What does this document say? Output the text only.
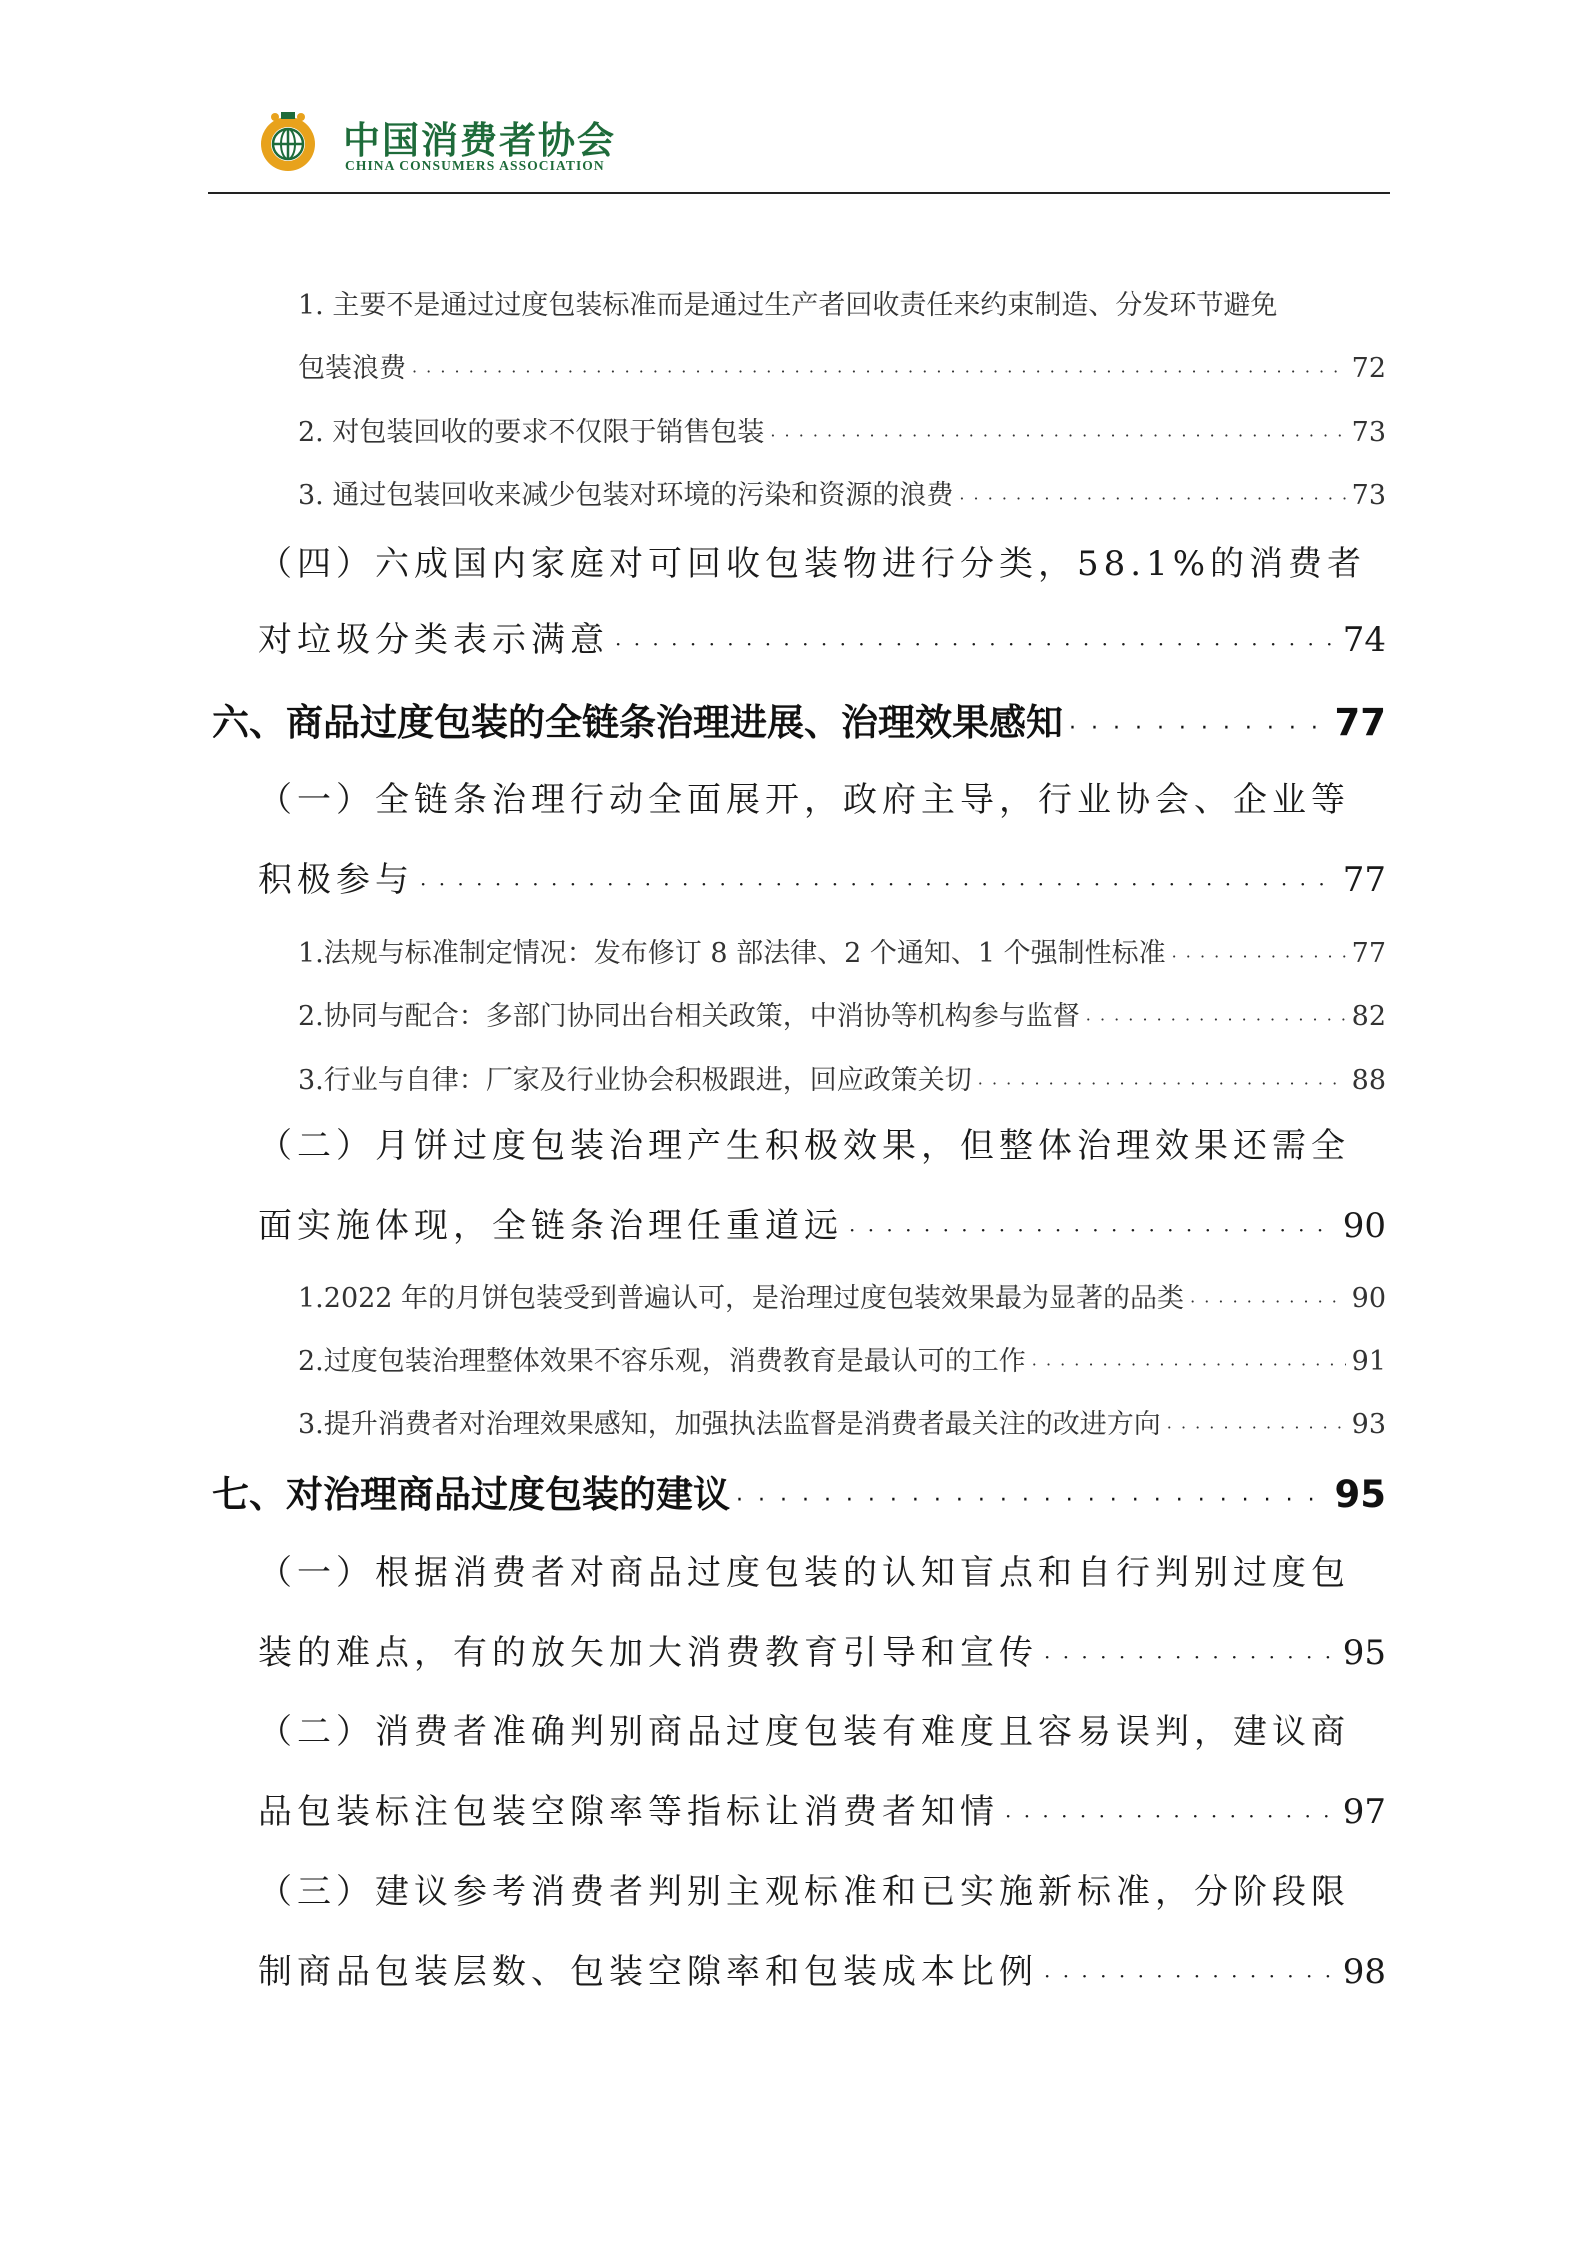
中国消费者协会
CHINA CONSUMERS ASSOCIATION
1. 主要不是通过过度包装标准而是通过生产者回收责任来约束制造、分发环节避免
包装浪费 · · ·	72
2. 对包装回收的要求不仅限于销售包装 · · ·	73
3. 通过包装回收来减少包装对环境的污染和资源的浪费 · · ·	73
（四）六成国内家庭对可回收包装物进行分类，58.1%的消费者
对垃圾分类表示满意 · · ·	74
六、商品过度包装的全链条治理进展、治理效果感知 · · ·	77
（一）全链条治理行动全面展开，政府主导，行业协会、企业等
积极参与 · · ·	77
1.法规与标准制定情况：发布修订 8 部法律、2 个通知、1 个强制性标准 · · ·	77
2.协同与配合：多部门协同出台相关政策，中消协等机构参与监督 · · ·	82
3.行业与自律：厂家及行业协会积极跟进，回应政策关切 · · ·	88
（二）月饼过度包装治理产生积极效果，但整体治理效果还需全
面实施体现，全链条治理任重道远 · · ·	90
1.2022 年的月饼包装受到普遍认可，是治理过度包装效果最为显著的品类 · · ·	90
2.过度包装治理整体效果不容乐观，消费教育是最认可的工作 · · ·	91
3.提升消费者对治理效果感知，加强执法监督是消费者最关注的改进方向 · · ·	93
七、对治理商品过度包装的建议 · · ·	95
（一）根据消费者对商品过度包装的认知盲点和自行判别过度包
装的难点，有的放矢加大消费教育引导和宣传 · · ·	95
（二）消费者准确判别商品过度包装有难度且容易误判，建议商
品包装标注包装空隙率等指标让消费者知情 · · ·	97
（三）建议参考消费者判别主观标准和已实施新标准，分阶段限
制商品包装层数、包装空隙率和包装成本比例 · · ·	98
